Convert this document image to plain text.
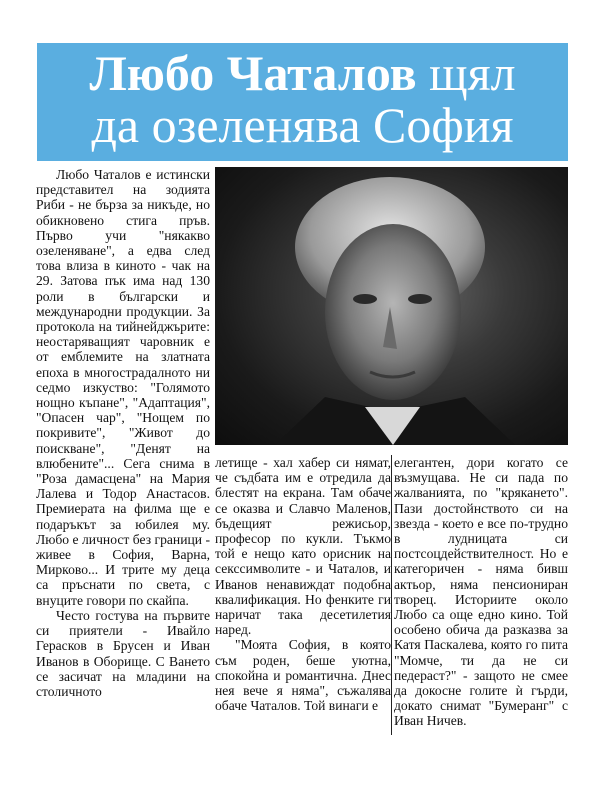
Любо Чаталов щял
да озеленява София

Любо Чаталов е истински представител на зодията Риби - не бърза за никъде, но обикновено стига пръв. Първо учи "някакво озеленяване", а едва след това влиза в киното - чак на 29. Затова пък има над 130 роли в български и международни продукции. За протокола на тийнейджърите: неостаряващият чаровник е от емблемите на златната епоха в многострадалното ни седмо изкуство: "Голямото нощно къпане", "Адаптация", "Опасен чар", "Нощем по покривите", "Живот до поискване", "Денят на влюбените"... Сега снима в "Роза дамасцена" на Мария Лалева и Тодор Анастасов. Премиерата на филма ще е подаръкът за юбилея му. Любо е личност без граници - живее в София, Варна, Мирково... И трите му деца са пръснати по света, с внуците говори по скайпа.

Често гостува на първите си приятели - Ивайло Герасков в Брусен и Иван Иванов в Оборище. С Ването се засичат на младини на столичното

летище - хал хабер си нямат, че съдбата им е отредила да блестят на екрана. Там обаче се оказва и Славчо Маленов, бъдещият режисьор, професор по кукли. Тъкмо той е нещо като орисник на секссимволите - и Чаталов, и Иванов ненавиждат подобна квалификация. Но фенките ги наричат така десетилетия наред.

"Моята София, в която съм роден, беше уютна, спокойна и романтична. Днес нея вече я няма", съжалява обаче Чаталов. Той винаги е

елегантен, дори когато се възмущава. Не си пада по жалванията, по "крякането". Пази достойнството си на звезда - което е все по-трудно в лудницата си постсоцдействителност. Но е категоричен - няма бивш актьор, няма пенсиониран творец. Историите около Любо са още едно кино. Той особено обича да разказва за Катя Паскалева, която го пита "Момче, ти да не си педераст?" - защото не смее да докосне голите ѝ гърди, докато снимат "Бумеранг" с Иван Ничев.
